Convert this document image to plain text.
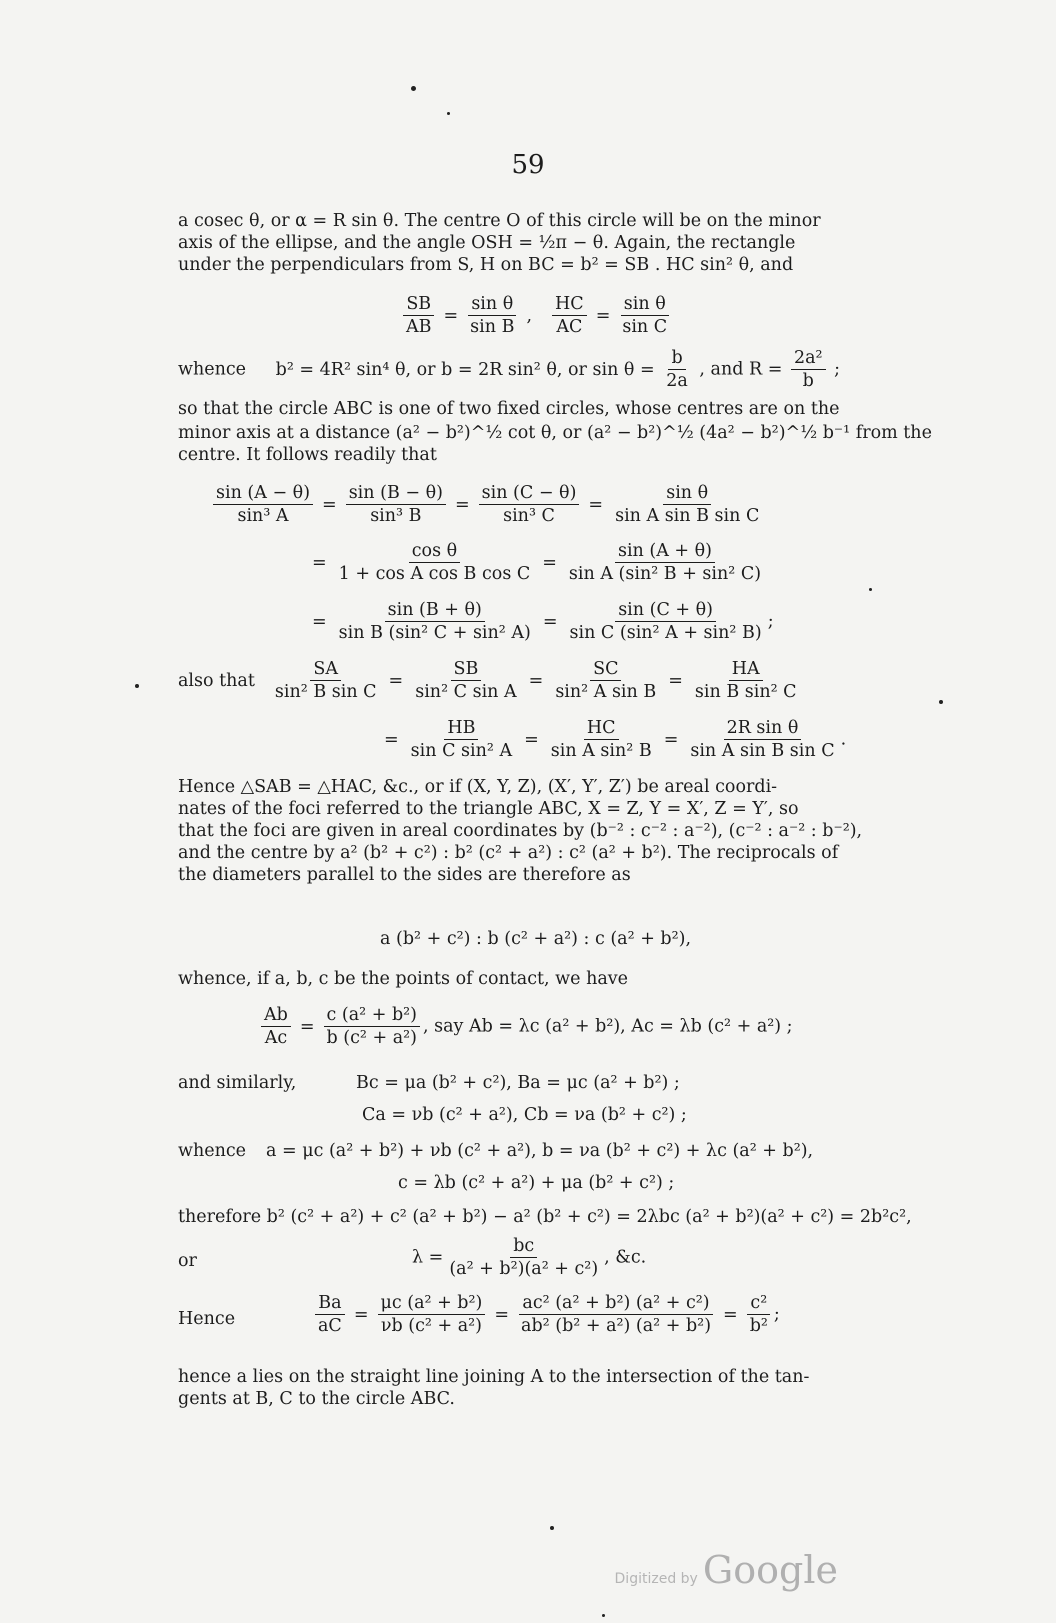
59
a cosec θ, or α = R sin θ. The centre O of this circle will be on the minor
axis of the ellipse, and the angle OSH = ½π − θ. Again, the rectangle
under the perpendiculars from S, H on BC = b² = SB . HC sin² θ, and
$\frac{SB}{AB} = \frac{\text{sin θ}}{\text{sin B}}$ , $\frac{HC}{AC} = \frac{\text{sin θ}}{\text{sin C}}$
whence b² = 4R² sin⁴ θ, or b = 2R sin² θ, or $\sin \theta = \frac{b}{2a}$ , and $R = \frac{\text{2a²}}{b}$ ;
so that the circle ABC is one of two fixed circles, whose centres are on the
minor axis at a distance (a² − b²)^½ cot θ, or (a² − b²)^½ (4a² − b²)^½ b⁻¹ from the
centre. It follows readily that
$\frac{\sin (A - \theta)}{\text{sin³ A}} = \frac{\sin (B - \theta)}{\text{sin³ B}} = \frac{\sin (C - \theta)}{\text{sin³ C}} = \frac{\text{sin θ}}{\text{sin A sin B sin C}}$
= $\frac{\text{cos θ}}{\text{1 + cos A cos B cos C}} = \frac{\sin (A + \theta)}{\text{sin A (sin² B + sin² C)}}$
= $\frac{\sin (B + \theta)}{\text{sin B (sin² C + sin² A)}} = \frac{\sin (C + \theta)}{\text{sin C (sin² A + sin² B)}}$ ;
also that $\frac{SA}{\text{sin² B sin C}} = \frac{SB}{\text{sin² C sin A}} = \frac{SC}{\text{sin² A sin B}} = \frac{HA}{\text{sin B sin² C}}$
= $\frac{HB}{\text{sin C sin² A}} = \frac{HC}{\text{sin A sin² B}} = \frac{\text{2R sin θ}}{\text{sin A sin B sin C}}$ .
Hence △SAB = △HAC, &c., or if (X, Y, Z), (X′, Y′, Z′) be areal coordi-
nates of the foci referred to the triangle ABC, X = Z, Y = X′, Z = Y′, so
that the foci are given in areal coordinates by (b⁻² : c⁻² : a⁻²), (c⁻² : a⁻² : b⁻²),
and the centre by a² (b² + c²) : b² (c² + a²) : c² (a² + b²). The reciprocals of
the diameters parallel to the sides are therefore as
a (b² + c²) : b (c² + a²) : c (a² + b²),
whence, if a, b, c be the points of contact, we have
$\frac{Ab}{Ac} = \frac{\text{c (a² + b²)}}{\text{b (c² + a²)}}$ , say Ab = λc (a² + b²), Ac = λb (c² + a²) ;
and similarly,	Bc = μa (b² + c²), Ba = μc (a² + b²) ;
Ca = νb (c² + a²), Cb = νa (b² + c²) ;
whence a = μc (a² + b²) + νb (c² + a²), b = νa (b² + c²) + λc (a² + b²),
c = λb (c² + a²) + μa (b² + c²) ;
therefore b² (c² + a²) + c² (a² + b²) − a² (b² + c²) = 2λbc (a² + b²)(a² + c²) = 2b²c²,
or	$\lambda = \frac{bc}{\text{(a² + b²)(a² + c²)}}$ , &c.
Hence	$\frac{Ba}{aC} = \frac{\text{μc (a² + b²)}}{\text{νb (c² + a²)}} = \frac{\text{ac² (a² + b²) (a² + c²)}}{\text{ab² (b² + a²) (a² + b²)}} = \frac{\text{c²}}{\text{b²}}$ ;
hence a lies on the straight line joining A to the intersection of the tan-
gents at B, C to the circle ABC.
Digitized by Google
